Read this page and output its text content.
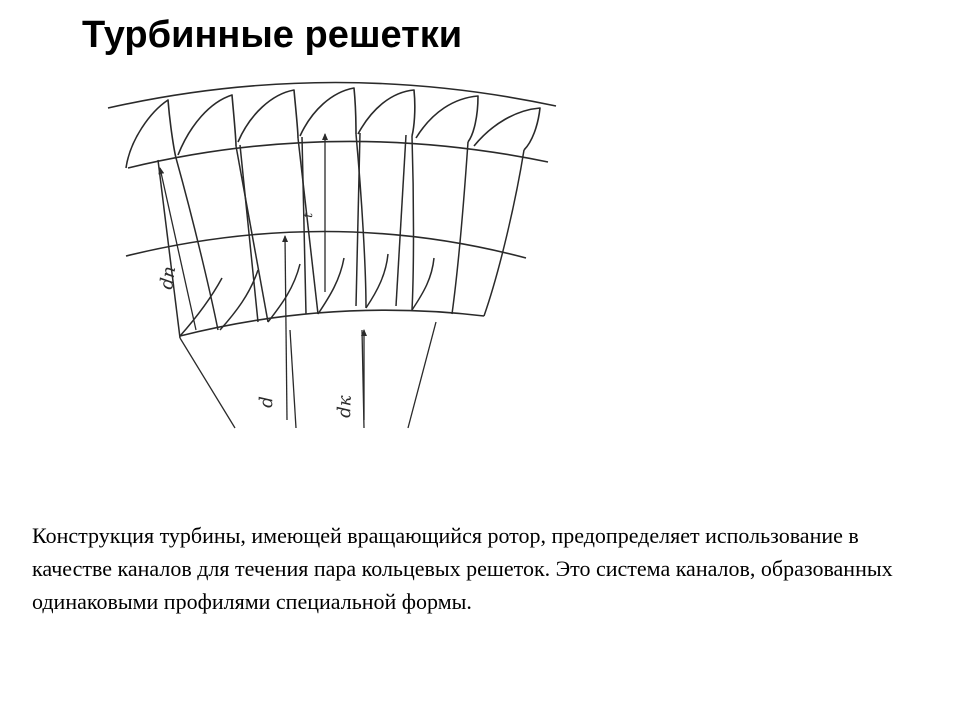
Турбинные решетки
dп
d	dк
t

Конструкция турбины, имеющей вращающийся ротор, предопределяет использование в качестве каналов для течения пара кольцевых решеток. Это система каналов, образованных одинаковыми профилями специальной формы.
